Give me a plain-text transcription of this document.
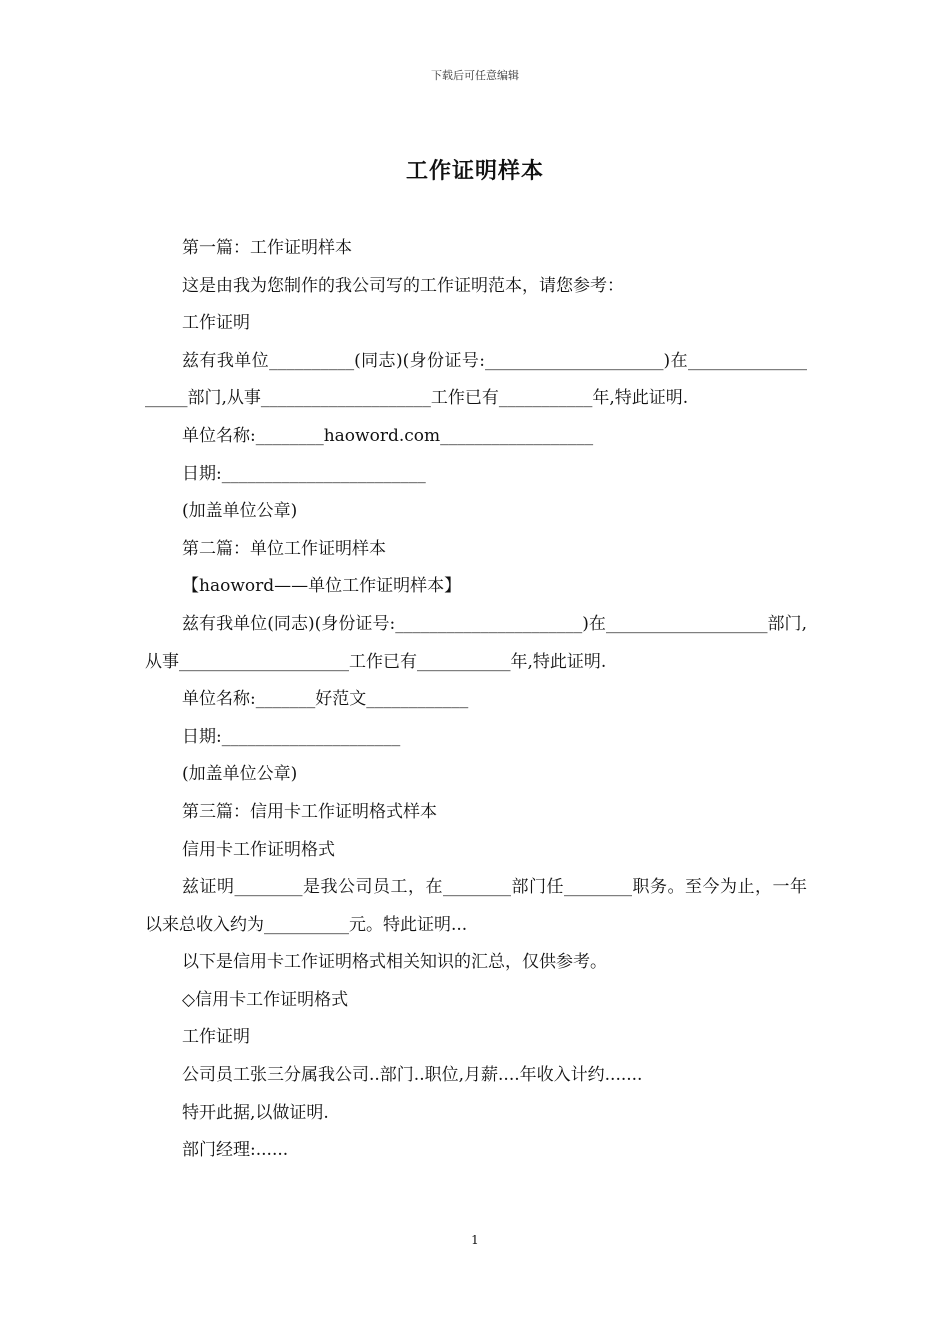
下载后可任意编辑
工作证明样本

第一篇：工作证明样本

这是由我为您制作的我公司写的工作证明范本，请您参考：

工作证明

兹有我单位__________(同志)(身份证号:_____________________)在___________________部门,从事____________________工作已有___________年,特此证明.

单位名称:________haoword.com__________________

日期:________________________

(加盖单位公章)

第二篇：单位工作证明样本

【haoword——单位工作证明样本】

兹有我单位(同志)(身份证号:______________________)在___________________部门,从事____________________工作已有___________年,特此证明.

单位名称:_______好范文____________

日期:_____________________

(加盖单位公章)

第三篇：信用卡工作证明格式样本

信用卡工作证明格式

兹证明________是我公司员工，在________部门任________职务。至今为止，一年以来总收入约为__________元。特此证明...

以下是信用卡工作证明格式相关知识的汇总，仅供参考。

◇信用卡工作证明格式

工作证明

公司员工张三分属我公司..部门..职位,月薪....年收入计约.......

特开此据,以做证明.

部门经理:......

1
